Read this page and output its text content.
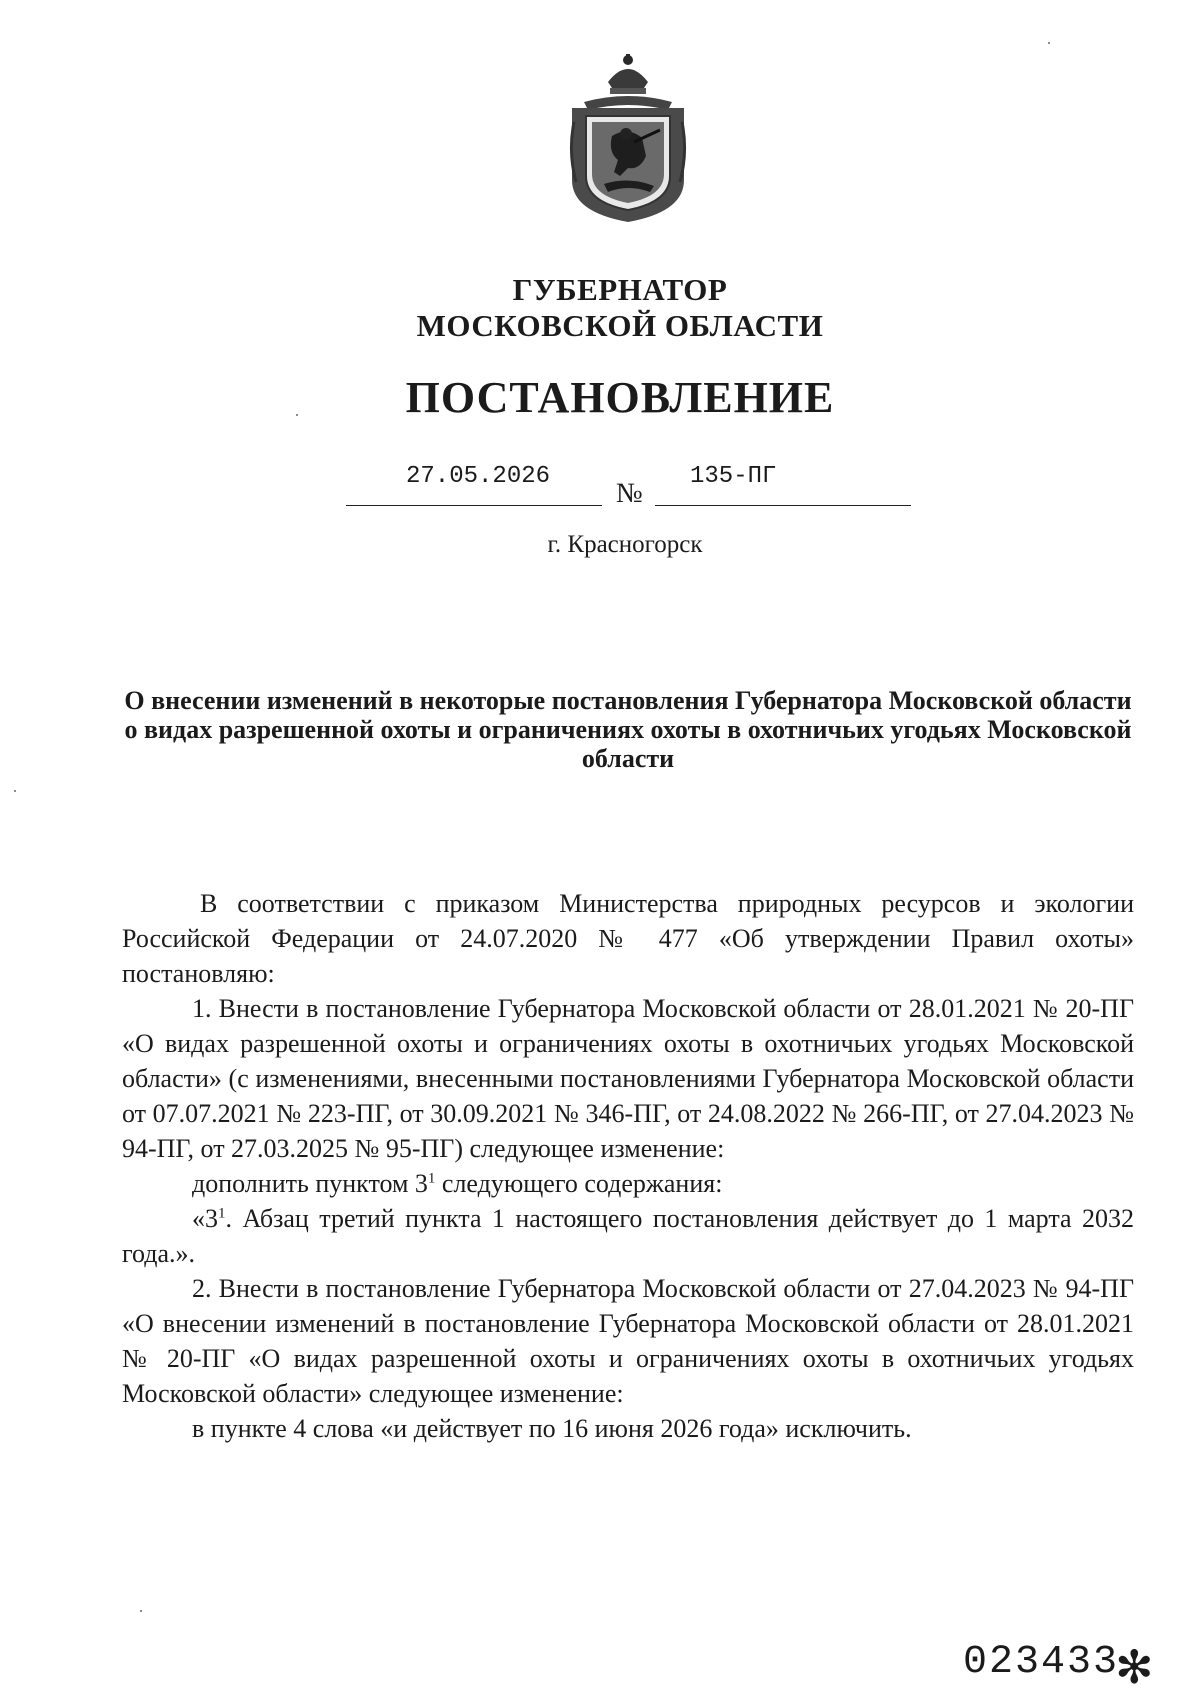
ГУБЕРНАТОР
МОСКОВСКОЙ ОБЛАСТИ
ПОСТАНОВЛЕНИЕ
27.05.2026
№
135-ПГ
г. Красногорск
О внесении изменений в некоторые постановления Губернатора Московской области о видах разрешенной охоты и ограничениях охоты в охотничьих угодьях Московской области

В соответствии с приказом Министерства природных ресурсов и экологии Российской Федерации от 24.07.2020 № 477 «Об утверждении Правил охоты» постановляю:

1. Внести в постановление Губернатора Московской области от 28.01.2021 № 20-ПГ «О видах разрешенной охоты и ограничениях охоты в охотничьих угодьях Московской области» (с изменениями, внесенными постановлениями Губернатора Московской области от 07.07.2021 № 223-ПГ, от 30.09.2021 № 346-ПГ, от 24.08.2022 № 266-ПГ, от 27.04.2023 № 94-ПГ, от 27.03.2025 № 95-ПГ) следующее изменение:

дополнить пунктом $3^1$ следующего содержания:

«$3^1$. Абзац третий пункта 1 настоящего постановления действует до 1 марта 2032 года.».

2. Внести в постановление Губернатора Московской области от 27.04.2023 № 94-ПГ «О внесении изменений в постановление Губернатора Московской области от 28.01.2021 № 20-ПГ «О видах разрешенной охоты и ограничениях охоты в охотничьих угодьях Московской области» следующее изменение:

в пункте 4 слова «и действует по 16 июня 2026 года» исключить.

023433
✻
